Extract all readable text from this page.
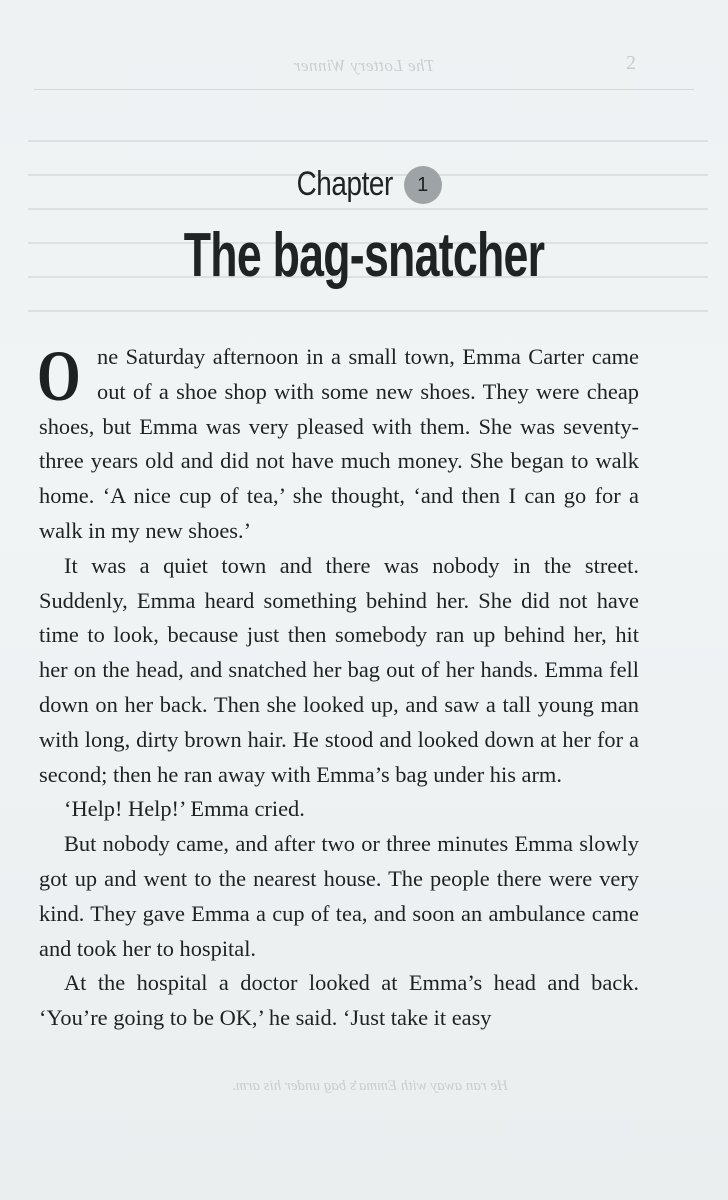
The Lottery Winner	2
Chapter 1
The bag-snatcher

One Saturday afternoon in a small town, Emma Carter came out of a shoe shop with some new shoes. They were cheap shoes, but Emma was very pleased with them. She was seventy-three years old and did not have much money. She began to walk home. ‘A nice cup of tea,’ she thought, ‘and then I can go for a walk in my new shoes.’

It was a quiet town and there was nobody in the street. Suddenly, Emma heard something behind her. She did not have time to look, because just then somebody ran up behind her, hit her on the head, and snatched her bag out of her hands. Emma fell down on her back. Then she looked up, and saw a tall young man with long, dirty brown hair. He stood and looked down at her for a second; then he ran away with Emma’s bag under his arm.

‘Help! Help!’ Emma cried.

But nobody came, and after two or three minutes Emma slowly got up and went to the nearest house. The people there were very kind. They gave Emma a cup of tea, and soon an ambulance came and took her to hospital.

At the hospital a doctor looked at Emma’s head and back. ‘You’re going to be OK,’ he said. ‘Just take it easy

He ran away with Emma’s bag under his arm.
